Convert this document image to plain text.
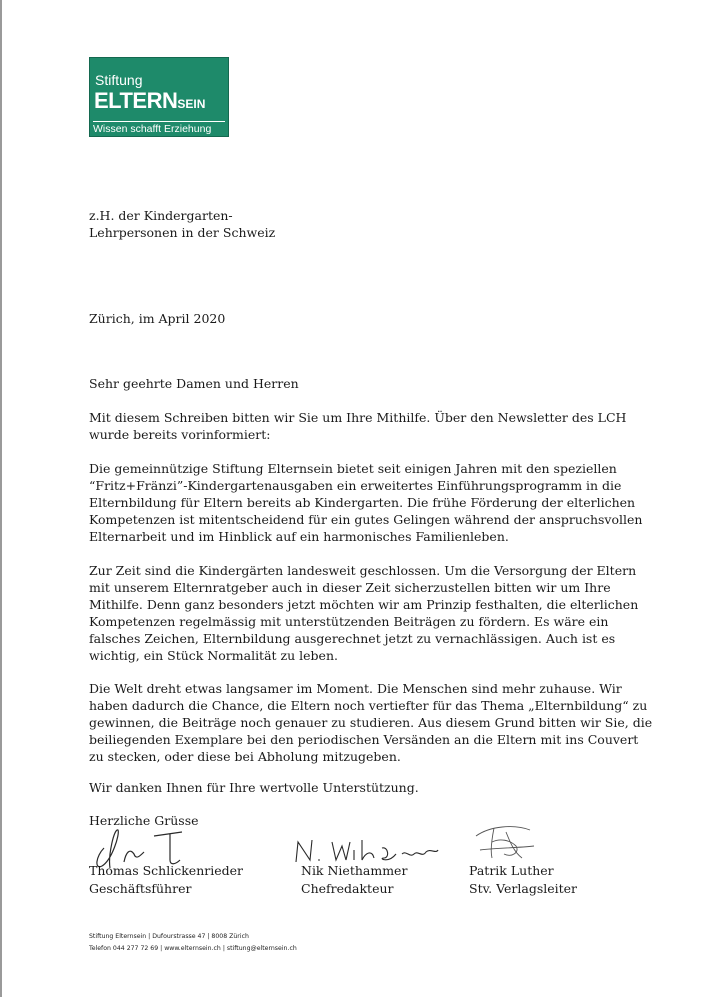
Stiftung
ELTERNSEIN
Wissen schafft Erziehung
z.H. der Kindergarten-
Lehrpersonen in der Schweiz
Zürich, im April 2020
Sehr geehrte Damen und Herren
Mit diesem Schreiben bitten wir Sie um Ihre Mithilfe. Über den Newsletter des LCH
wurde bereits vorinformiert:
Die gemeinnützige Stiftung Elternsein bietet seit einigen Jahren mit den speziellen
“Fritz+Fränzi”-Kindergartenausgaben ein erweitertes Einführungsprogramm in die
Elternbildung für Eltern bereits ab Kindergarten. Die frühe Förderung der elterlichen
Kompetenzen ist mitentscheidend für ein gutes Gelingen während der anspruchsvollen
Elternarbeit und im Hinblick auf ein harmonisches Familienleben.
Zur Zeit sind die Kindergärten landesweit geschlossen. Um die Versorgung der Eltern
mit unserem Elternratgeber auch in dieser Zeit sicherzustellen bitten wir um Ihre
Mithilfe. Denn ganz besonders jetzt möchten wir am Prinzip festhalten, die elterlichen
Kompetenzen regelmässig mit unterstützenden Beiträgen zu fördern. Es wäre ein
falsches Zeichen, Elternbildung ausgerechnet jetzt zu vernachlässigen. Auch ist es
wichtig, ein Stück Normalität zu leben.
Die Welt dreht etwas langsamer im Moment. Die Menschen sind mehr zuhause. Wir
haben dadurch die Chance, die Eltern noch vertiefter für das Thema „Elternbildung“ zu
gewinnen, die Beiträge noch genauer zu studieren. Aus diesem Grund bitten wir Sie, die
beiliegenden Exemplare bei den periodischen Versänden an die Eltern mit ins Couvert
zu stecken, oder diese bei Abholung mitzugeben.
Wir danken Ihnen für Ihre wertvolle Unterstützung.
Herzliche Grüsse
Thomas Schlickenrieder
Geschäftsführer
Nik Niethammer
Chefredakteur
Patrik Luther
Stv. Verlagsleiter
Stiftung Elternsein | Dufourstrasse 47 | 8008 Zürich
Telefon 044 277 72 69 | www.elternsein.ch | stiftung@elternsein.ch
